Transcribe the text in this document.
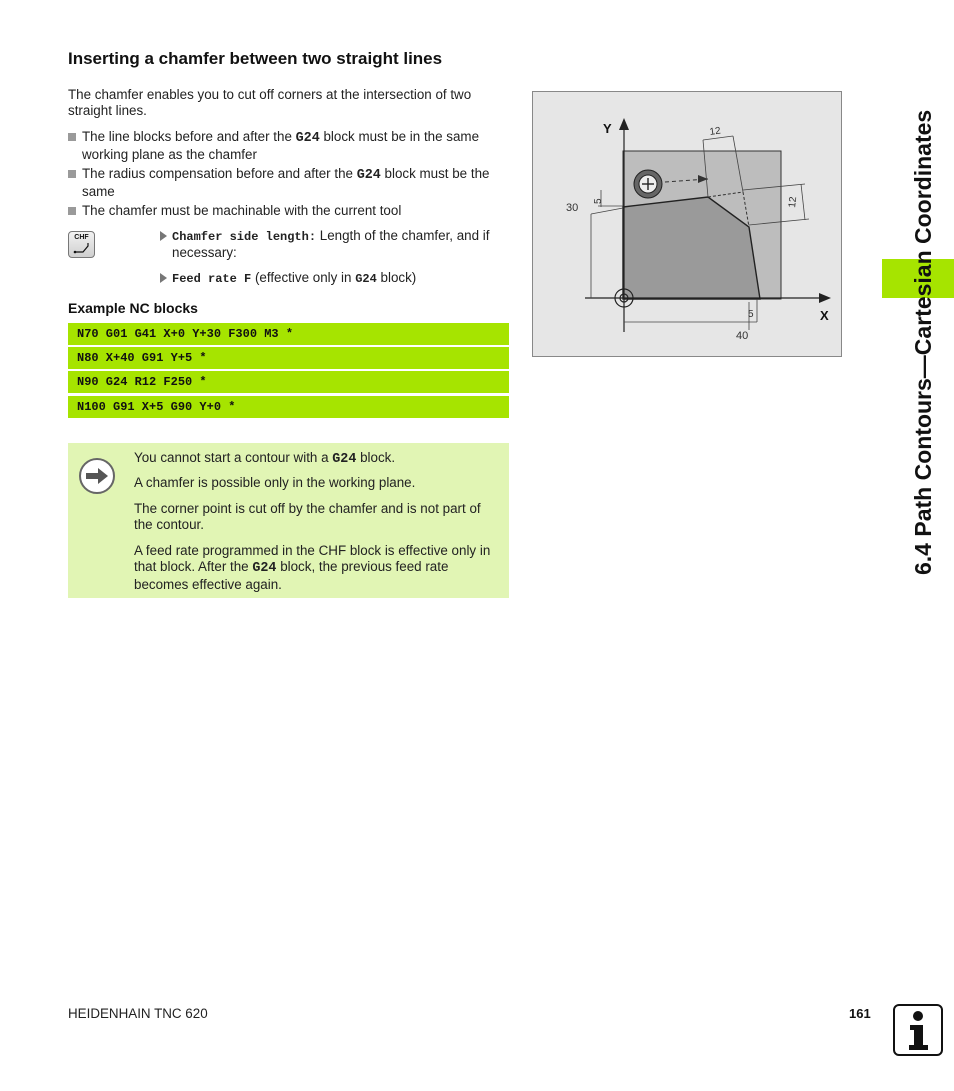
Inserting a chamfer between two straight lines
The chamfer enables you to cut off corners at the intersection of two straight lines.
The line blocks before and after the G24 block must be in the same working plane as the chamfer
The radius compensation before and after the G24 block must be the same
The chamfer must be machinable with the current tool
CHF	Chamfer side length: Length of the chamfer, and if necessary:
Feed rate F (effective only in G24 block)
Example NC blocks
N70 G01 G41 X+0 Y+30 F300 M3 *
N80 X+40 G91 Y+5 *
N90 G24 R12 F250 *
N100 G91 X+5 G90 Y+0 *
You cannot start a contour with a G24 block.
A chamfer is possible only in the working plane.
The corner point is cut off by the chamfer and is not part of the contour.
A feed rate programmed in the CHF block is effective only in that block. After the G24 block, the previous feed rate becomes effective again.
Y
X
12
12
5
30
5
40	6.4 Path Contours—Cartesian Coordinates
HEIDENHAIN TNC 620	161
